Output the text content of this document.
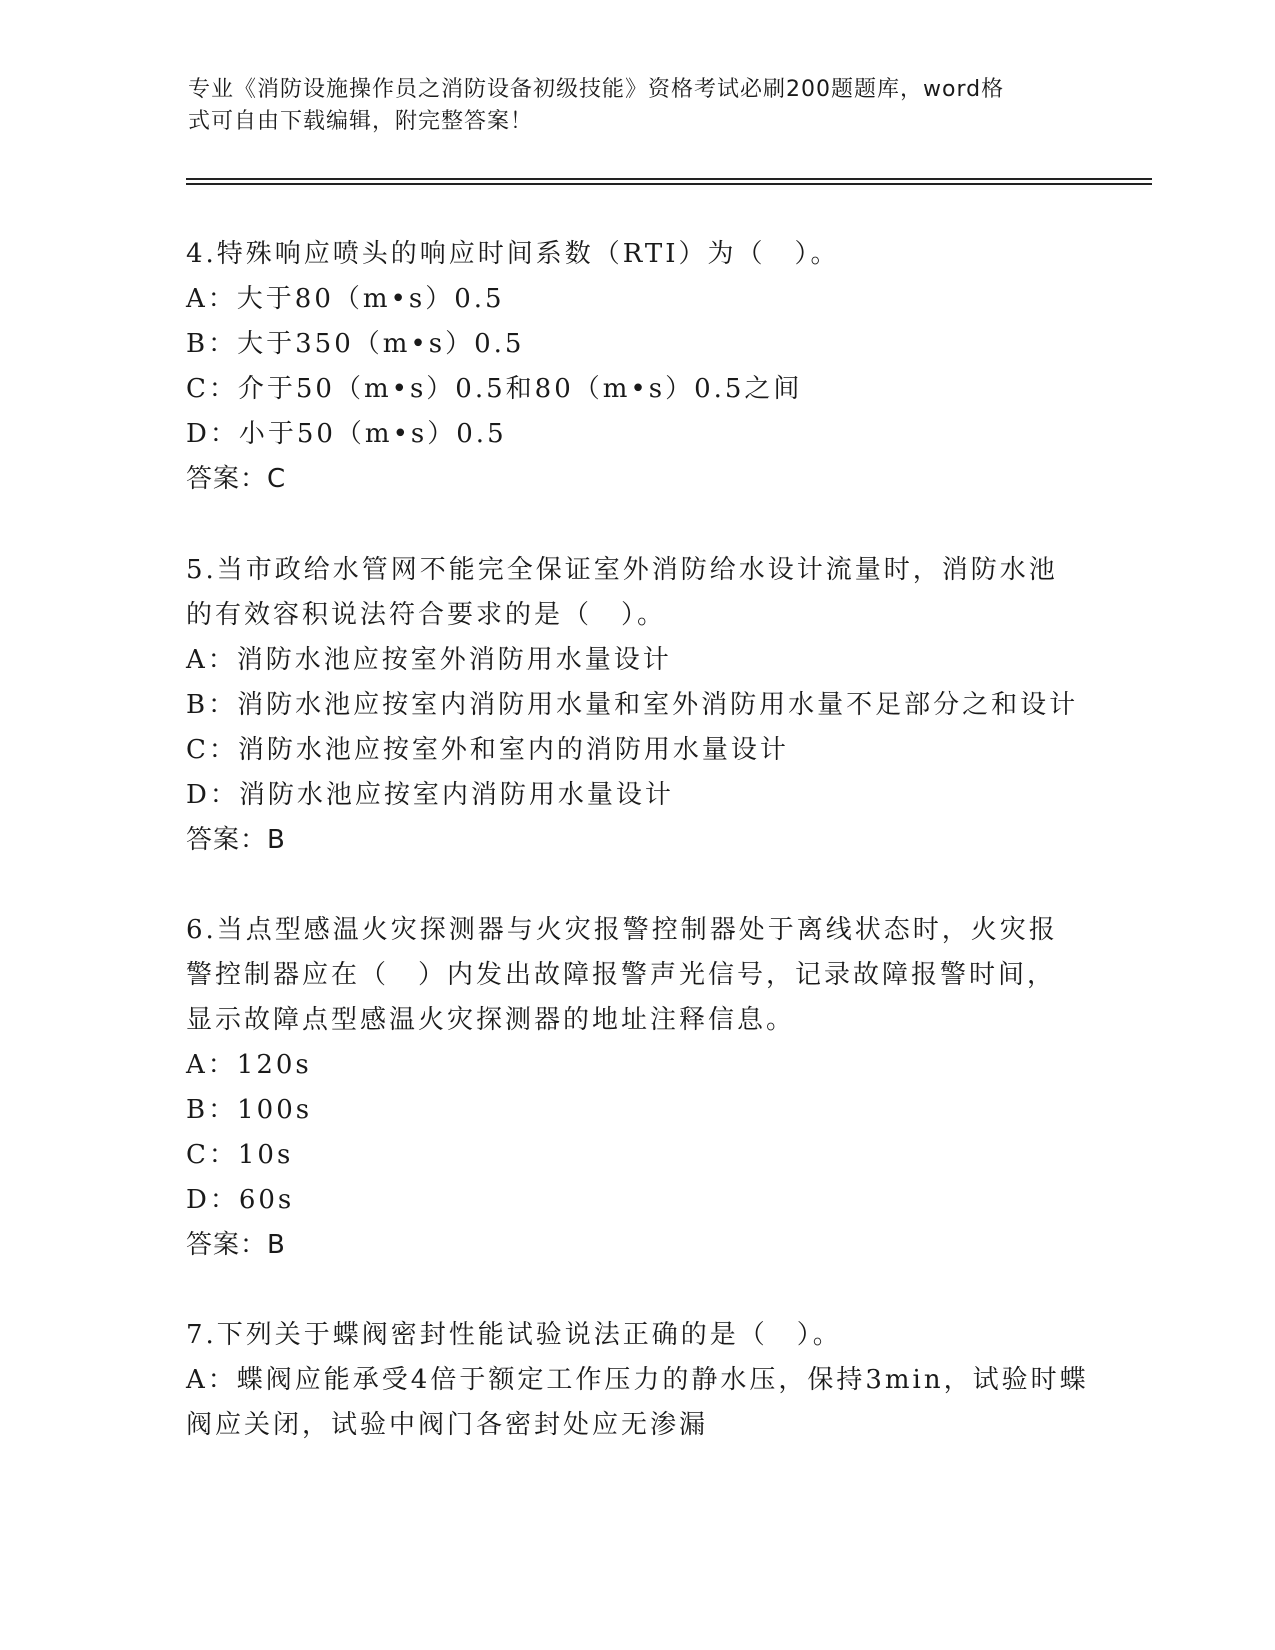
专业《消防设施操作员之消防设备初级技能》资格考试必刷200题题库，word格
式可自由下载编辑，附完整答案！

4.特殊响应喷头的响应时间系数（RTI）为（　）。

A：大于80（m•s）0.5

B：大于350（m•s）0.5

C：介于50（m•s）0.5和80（m•s）0.5之间

D：小于50（m•s）0.5

答案：C

5.当市政给水管网不能完全保证室外消防给水设计流量时，消防水池

的有效容积说法符合要求的是（　）。

A：消防水池应按室外消防用水量设计

B：消防水池应按室内消防用水量和室外消防用水量不足部分之和设计

C：消防水池应按室外和室内的消防用水量设计

D：消防水池应按室内消防用水量设计

答案：B

6.当点型感温火灾探测器与火灾报警控制器处于离线状态时，火灾报

警控制器应在（　）内发出故障报警声光信号，记录故障报警时间，

显示故障点型感温火灾探测器的地址注释信息。

A：120s

B：100s

C：10s

D：60s

答案：B

7.下列关于蝶阀密封性能试验说法正确的是（　）。

A：蝶阀应能承受4倍于额定工作压力的静水压，保持3min，试验时蝶

阀应关闭，试验中阀门各密封处应无渗漏
